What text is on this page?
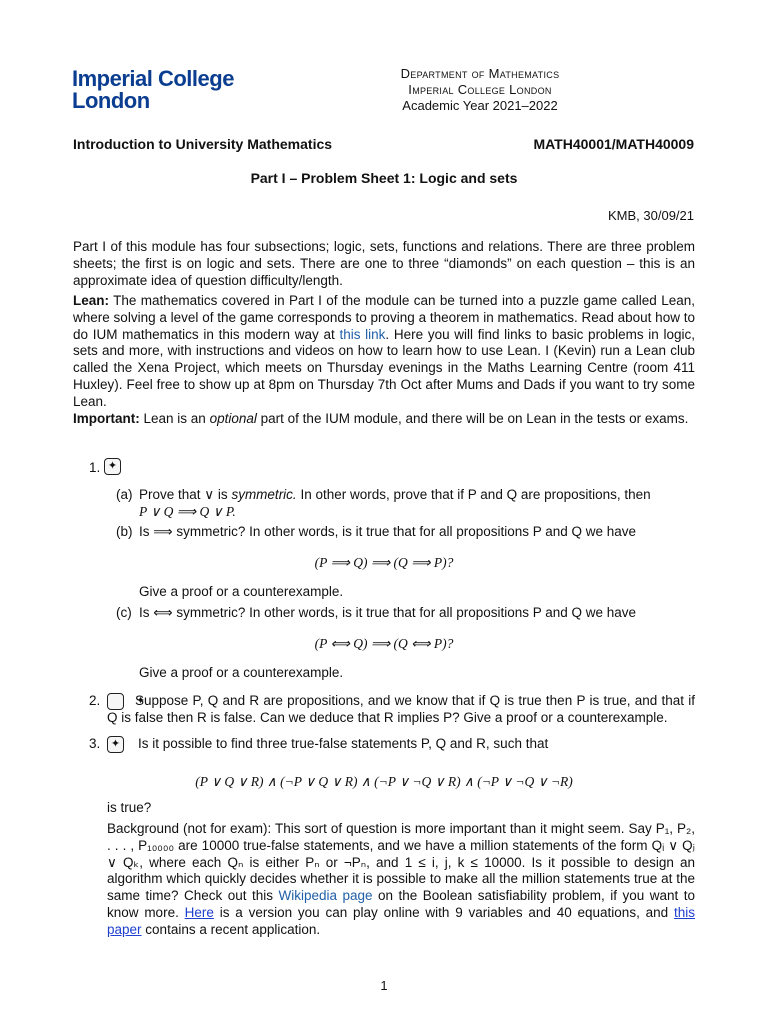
Imperial College
London
Department of Mathematics
Imperial College London
Academic Year 2021–2022
Introduction to University Mathematics	MATH40001/MATH40009
Part I – Problem Sheet 1: Logic and sets
KMB, 30/09/21
Part I of this module has four subsections; logic, sets, functions and relations. There are three problem sheets; the first is on logic and sets. There are one to three “diamonds” on each question – this is an approximate idea of question difficulty/length.
Lean: The mathematics covered in Part I of the module can be turned into a puzzle game called Lean, where solving a level of the game corresponds to proving a theorem in mathematics. Read about how to do IUM mathematics in this modern way at this link. Here you will find links to basic problems in logic, sets and more, with instructions and videos on how to learn how to use Lean. I (Kevin) run a Lean club called the Xena Project, which meets on Thursday evenings in the Maths Learning Centre (room 411 Huxley). Feel free to show up at 8pm on Thursday 7th Oct after Mums and Dads if you want to try some Lean.
Important: Lean is an optional part of the IUM module, and there will be on Lean in the tests or exams.
1. ✦
(a) Prove that ∨ is symmetric. In other words, prove that if P and Q are propositions, then
P ∨ Q ⟹ Q ∨ P.
(b) Is ⟹ symmetric? In other words, is it true that for all propositions P and Q we have
(P ⟹ Q) ⟹ (Q ⟹ P)?
Give a proof or a counterexample.
(c) Is ⟺ symmetric? In other words, is it true that for all propositions P and Q we have
(P ⟺ Q) ⟹ (Q ⟺ P)?
Give a proof or a counterexample.
2. ✦	Suppose P, Q and R are propositions, and we know that if Q is true then P is true, and that if Q is false then R is false. Can we deduce that R implies P? Give a proof or a counterexample.
3. ✦	Is it possible to find three true-false statements P, Q and R, such that
(P ∨ Q ∨ R) ∧ (¬P ∨ Q ∨ R) ∧ (¬P ∨ ¬Q ∨ R) ∧ (¬P ∨ ¬Q ∨ ¬R)
is true?
Background (not for exam): This sort of question is more important than it might seem. Say P₁, P₂, . . . , P₁₀₀₀₀ are 10000 true-false statements, and we have a million statements of the form Qᵢ ∨ Qⱼ ∨ Qₖ, where each Qₙ is either Pₙ or ¬Pₙ, and 1 ≤ i, j, k ≤ 10000. Is it possible to design an algorithm which quickly decides whether it is possible to make all the million statements true at the same time? Check out this Wikipedia page on the Boolean satisfiability problem, if you want to know more. Here is a version you can play online with 9 variables and 40 equations, and this paper contains a recent application.
1
